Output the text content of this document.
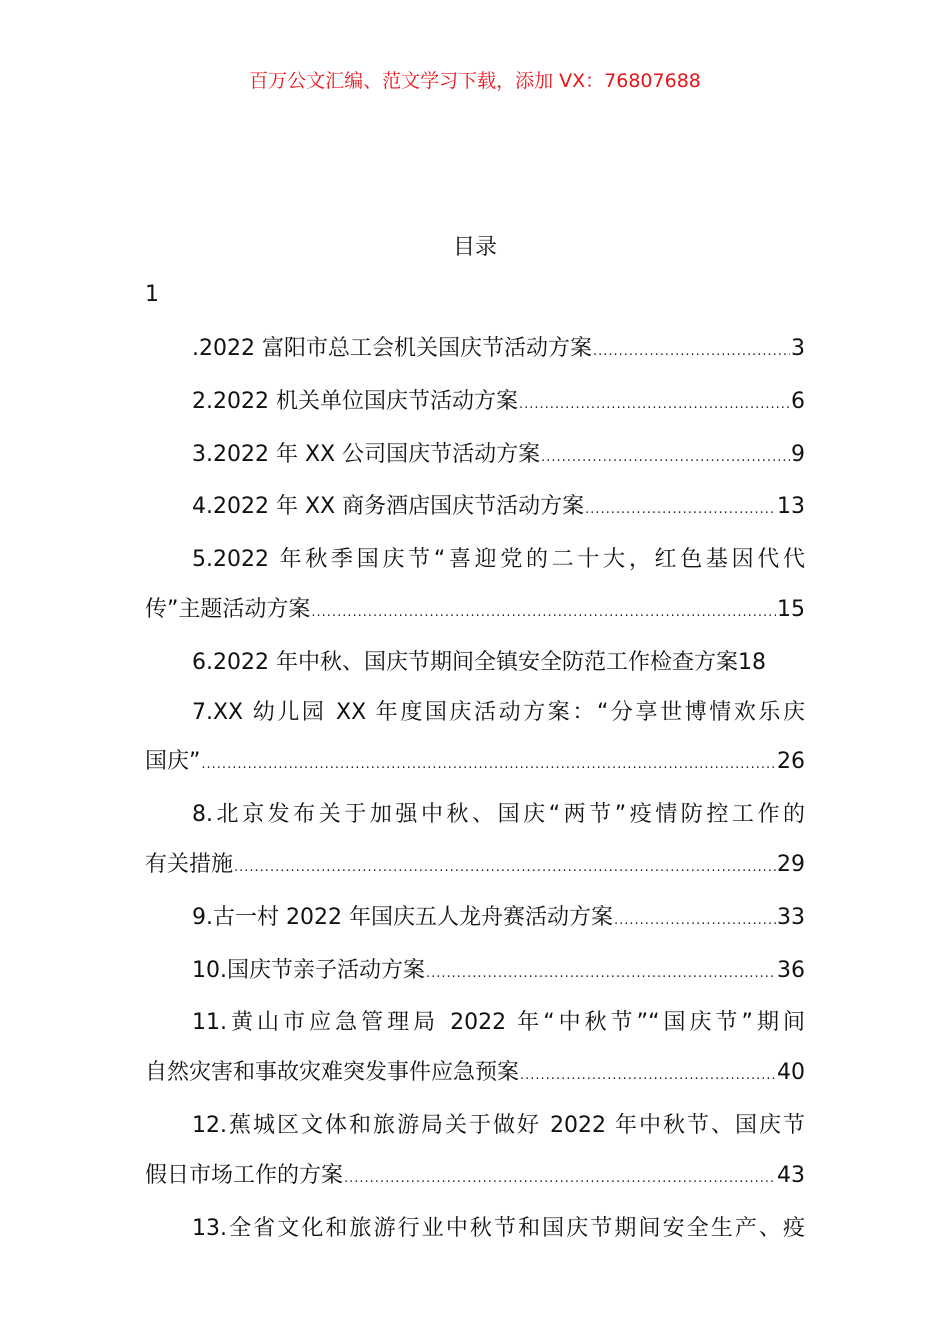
百万公文汇编、范文学习下载，添加 VX：76807688
目录
1
.2022 富阳市总工会机关国庆节活动方案 .....	3
2.2022 机关单位国庆节活动方案 .....	6
3.2022 年 XX 公司国庆节活动方案 .....	9
4.2022 年 XX 商务酒店国庆节活动方案 .....	13
5.2022 年秋季国庆节“喜迎党的二十大，红色基因代代
传”主题活动方案 .....	15
6.2022 年中秋、国庆节期间全镇安全防范工作检查方案 18
7.XX 幼儿园 XX 年度国庆活动方案：“分享世博情欢乐庆
国庆” .....	26
8.北京发布关于加强中秋、国庆“两节”疫情防控工作的
有关措施 .....	29
9.古一村 2022 年国庆五人龙舟赛活动方案 .....	33
10.国庆节亲子活动方案 .....	36
11.黄山市应急管理局 2022 年“中秋节”“国庆节”期间
自然灾害和事故灾难突发事件应急预案 .....	40
12.蕉城区文体和旅游局关于做好 2022 年中秋节、国庆节
假日市场工作的方案 .....	43
13.全省文化和旅游行业中秋节和国庆节期间安全生产、疫
